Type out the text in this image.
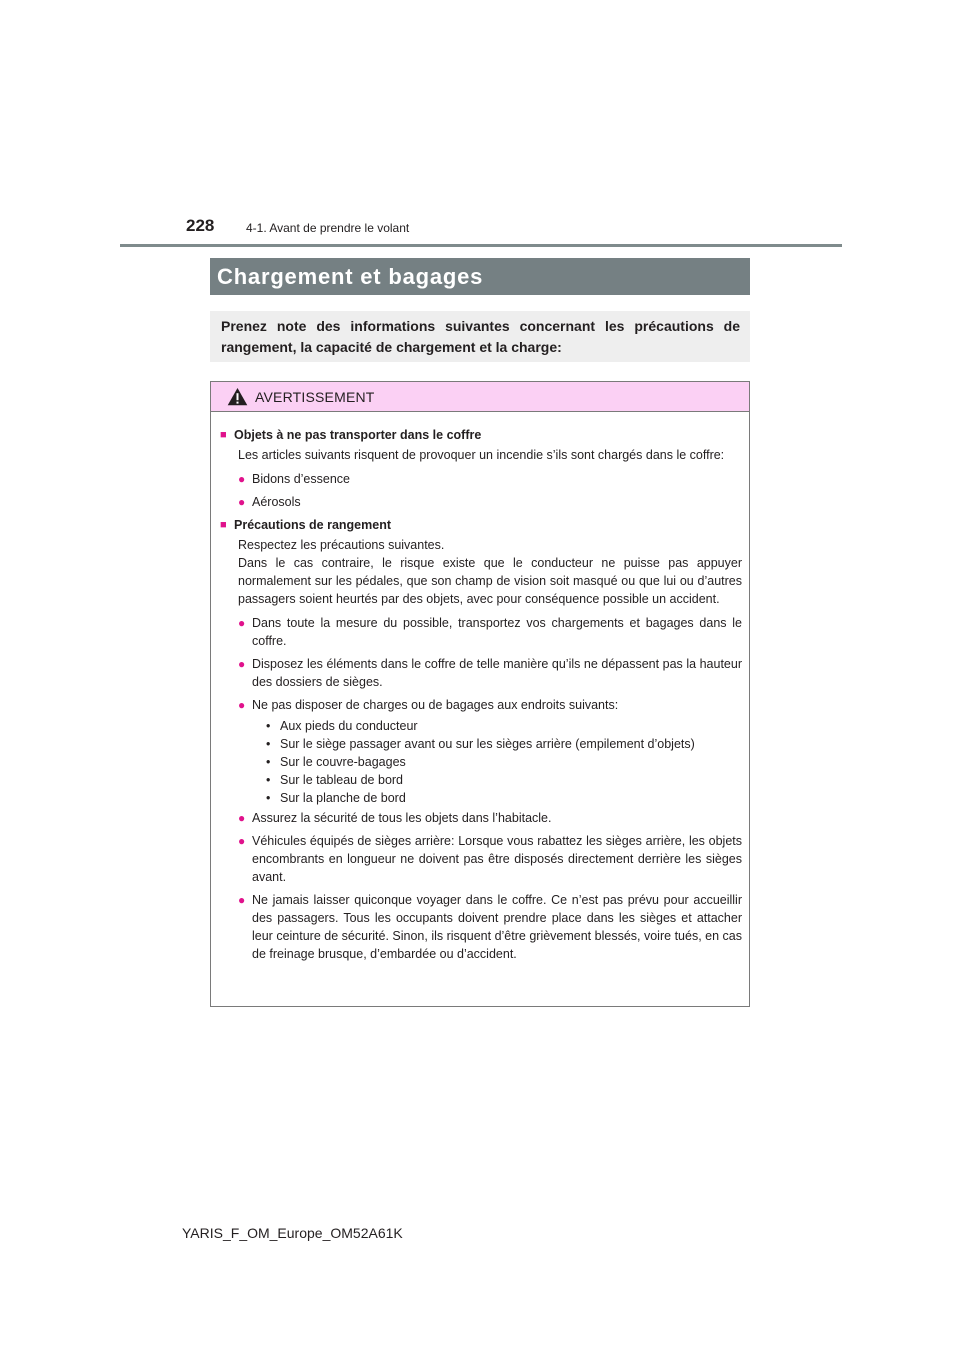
228	4-1. Avant de prendre le volant
Chargement et bagages
Prenez note des informations suivantes concernant les précautions de rangement, la capacité de chargement et la charge:
AVERTISSEMENT
■ Objets à ne pas transporter dans le coffre
Les articles suivants risquent de provoquer un incendie s’ils sont chargés dans le coffre:
● Bidons d’essence
● Aérosols
■ Précautions de rangement
Respectez les précautions suivantes.
Dans le cas contraire, le risque existe que le conducteur ne puisse pas appuyer normalement sur les pédales, que son champ de vision soit masqué ou que lui ou d’autres passagers soient heurtés par des objets, avec pour conséquence possible un accident.
● Dans toute la mesure du possible, transportez vos chargements et bagages dans le coffre.
● Disposez les éléments dans le coffre de telle manière qu’ils ne dépassent pas la hauteur des dossiers de sièges.
● Ne pas disposer de charges ou de bagages aux endroits suivants:
• Aux pieds du conducteur
• Sur le siège passager avant ou sur les sièges arrière (empilement d’objets)
• Sur le couvre-bagages
• Sur le tableau de bord
• Sur la planche de bord
● Assurez la sécurité de tous les objets dans l’habitacle.
● Véhicules équipés de sièges arrière: Lorsque vous rabattez les sièges arrière, les objets encombrants en longueur ne doivent pas être disposés directement derrière les sièges avant.
● Ne jamais laisser quiconque voyager dans le coffre. Ce n’est pas prévu pour accueillir des passagers. Tous les occupants doivent prendre place dans les sièges et attacher leur ceinture de sécurité. Sinon, ils risquent d’être grièvement blessés, voire tués, en cas de freinage brusque, d’embardée ou d’accident.
YARIS_F_OM_Europe_OM52A61K
